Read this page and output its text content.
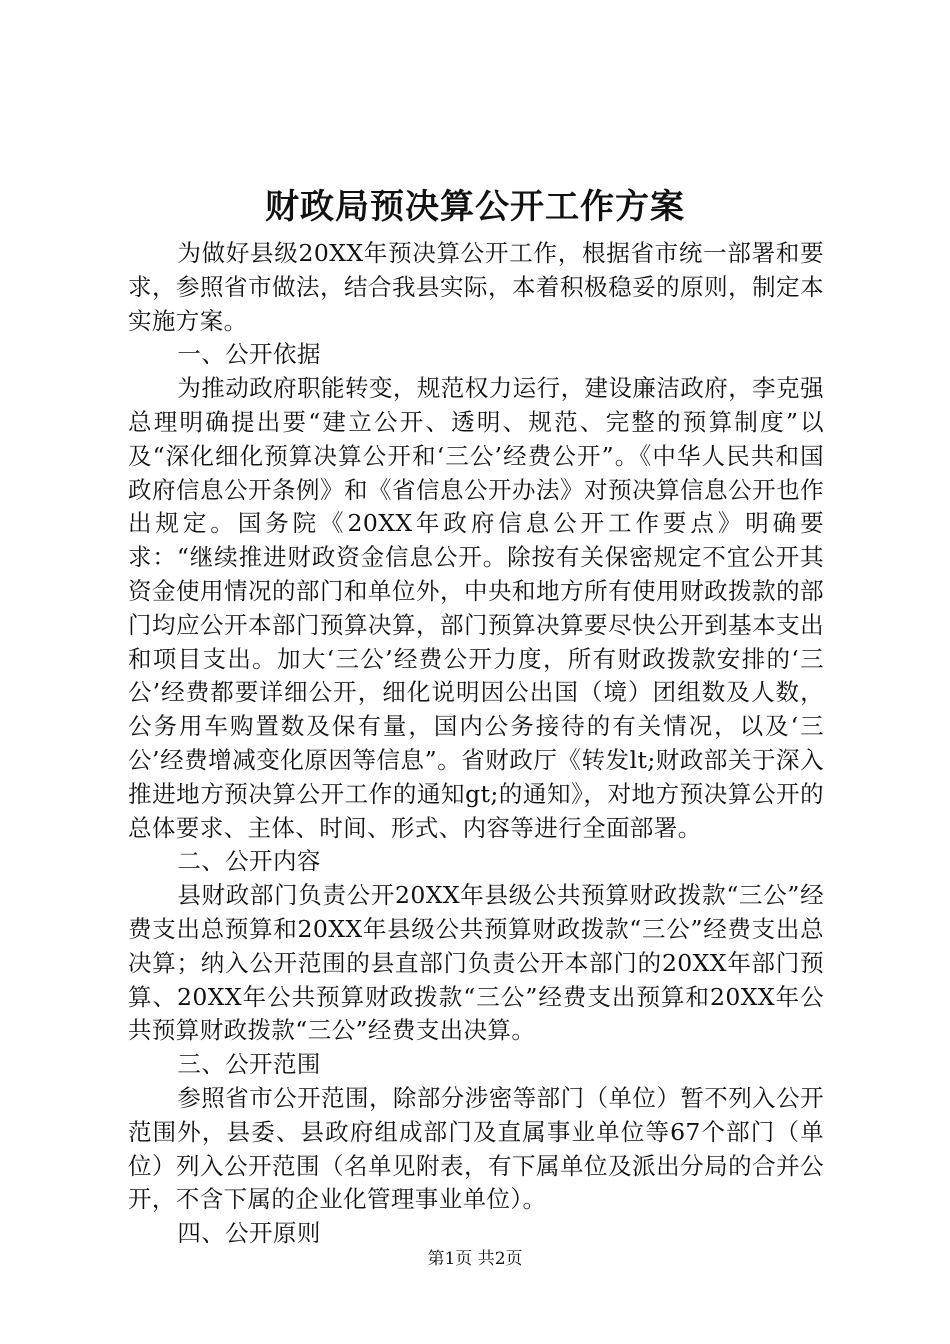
财政局预决算公开工作方案

为做好县级20XX年预决算公开工作，根据省市统一部署和要求，参照省市做法，结合我县实际，本着积极稳妥的原则，制定本实施方案。

一、公开依据

为推动政府职能转变，规范权力运行，建设廉洁政府，李克强总理明确提出要“建立公开、透明、规范、完整的预算制度”以及“深化细化预算决算公开和‘三公’经费公开”。《中华人民共和国政府信息公开条例》和《省信息公开办法》对预决算信息公开也作出规定。国务院《20XX年政府信息公开工作要点》明确要求：“继续推进财政资金信息公开。除按有关保密规定不宜公开其资金使用情况的部门和单位外，中央和地方所有使用财政拨款的部门均应公开本部门预算决算，部门预算决算要尽快公开到基本支出和项目支出。加大‘三公’经费公开力度，所有财政拨款安排的‘三公’经费都要详细公开，细化说明因公出国（境）团组数及人数，公务用车购置数及保有量，国内公务接待的有关情况，以及‘三公’经费增减变化原因等信息”。省财政厅《转发lt;财政部关于深入推进地方预决算公开工作的通知gt;的通知》，对地方预决算公开的总体要求、主体、时间、形式、内容等进行全面部署。

二、公开内容

县财政部门负责公开20XX年县级公共预算财政拨款“三公”经费支出总预算和20XX年县级公共预算财政拨款“三公”经费支出总决算；纳入公开范围的县直部门负责公开本部门的20XX年部门预算、20XX年公共预算财政拨款“三公”经费支出预算和20XX年公共预算财政拨款“三公”经费支出决算。

三、公开范围

参照省市公开范围，除部分涉密等部门（单位）暂不列入公开范围外，县委、县政府组成部门及直属事业单位等67个部门（单位）列入公开范围（名单见附表，有下属单位及派出分局的合并公开，不含下属的企业化管理事业单位）。

四、公开原则

第1页 共2页
